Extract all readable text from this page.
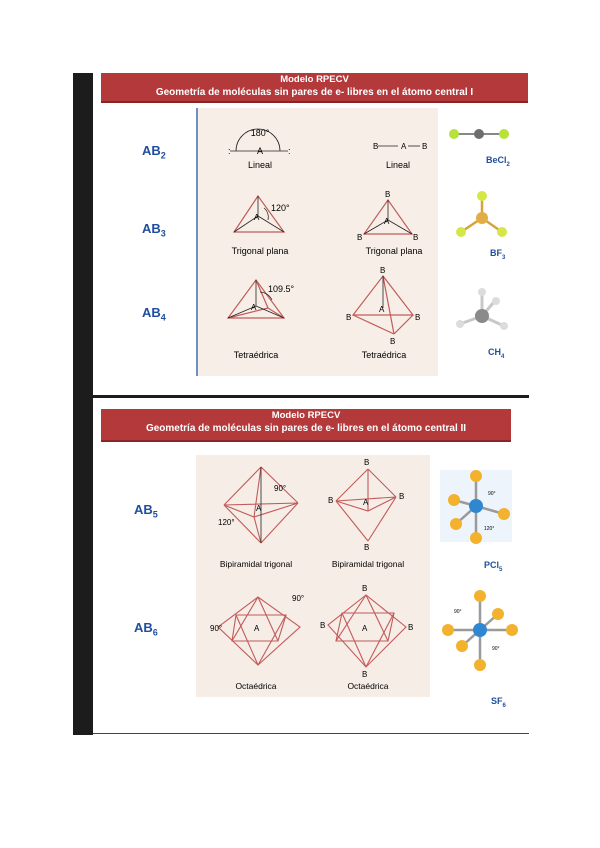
Modelo RPECV
Geometría de moléculas sin pares de e- libres en el átomo central I
$AB_2$
$AB_3$
$AB_4$
180°
A
:	:	B	A B
120°
A	A
B
B	B
109.5°
A	A
B
B	B
B
Lineal	Lineal
Trigonal plana	Trigonal plana
Tetraédrica	Tetraédrica
BeCl$_2$
$BF_3$
$CH_4$
Modelo RPECV
Geometría de moléculas sin pares de e- libres en el átomo central II
$AB_5$
$AB_6$
A
90°
120°
B
B	B
B
A
Bipiramidal trigonal	Bipiramidal trigonal
A
90°
90°	A
B
B	B
B
Octaédrica	Octaédrica
90°
120°
90°
90°
PCl$_5$
$SF_6$
